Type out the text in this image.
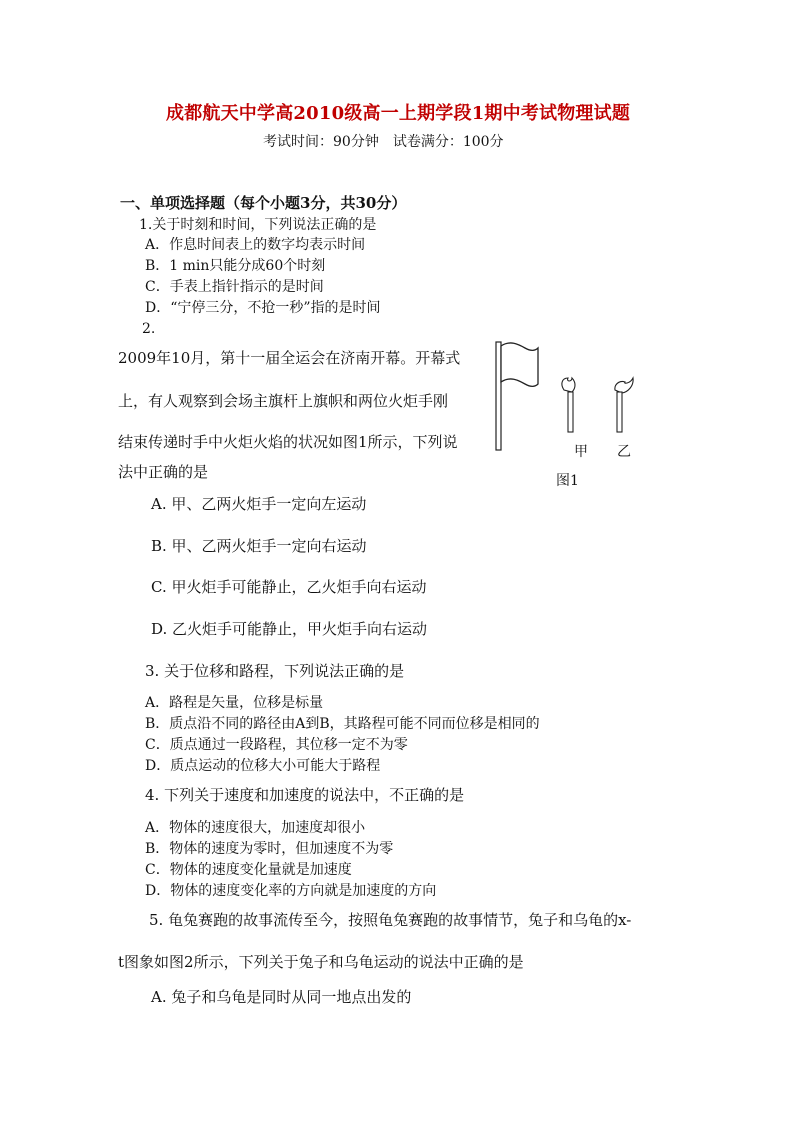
成都航天中学高2010级高一上期学段1期中考试物理试题
考试时间：90分钟　试卷满分：100分
一、单项选择题（每个小题3分，共30分）
1.关于时刻和时间，下列说法正确的是
A．作息时间表上的数字均表示时间
B．1 min只能分成60个时刻
C．手表上指针指示的是时间
D．“宁停三分，不抢一秒”指的是时间
2.
2009年10月，第十一届全运会在济南开幕。开幕式
上，有人观察到会场主旗杆上旗帜和两位火炬手刚
结束传递时手中火炬火焰的状况如图1所示，下列说
法中正确的是
甲 乙
图1
A. 甲、乙两火炬手一定向左运动
B. 甲、乙两火炬手一定向右运动
C. 甲火炬手可能静止，乙火炬手向右运动
D. 乙火炬手可能静止，甲火炬手向右运动
3. 关于位移和路程，下列说法正确的是
A．路程是矢量，位移是标量
B．质点沿不同的路径由A到B，其路程可能不同而位移是相同的
C．质点通过一段路程，其位移一定不为零
D．质点运动的位移大小可能大于路程
4. 下列关于速度和加速度的说法中，不正确的是
A．物体的速度很大，加速度却很小
B．物体的速度为零时，但加速度不为零
C．物体的速度变化量就是加速度
D．物体的速度变化率的方向就是加速度的方向
5. 龟兔赛跑的故事流传至今，按照龟兔赛跑的故事情节，兔子和乌龟的x-
t图象如图2所示，下列关于兔子和乌龟运动的说法中正确的是
A. 兔子和乌龟是同时从同一地点出发的
